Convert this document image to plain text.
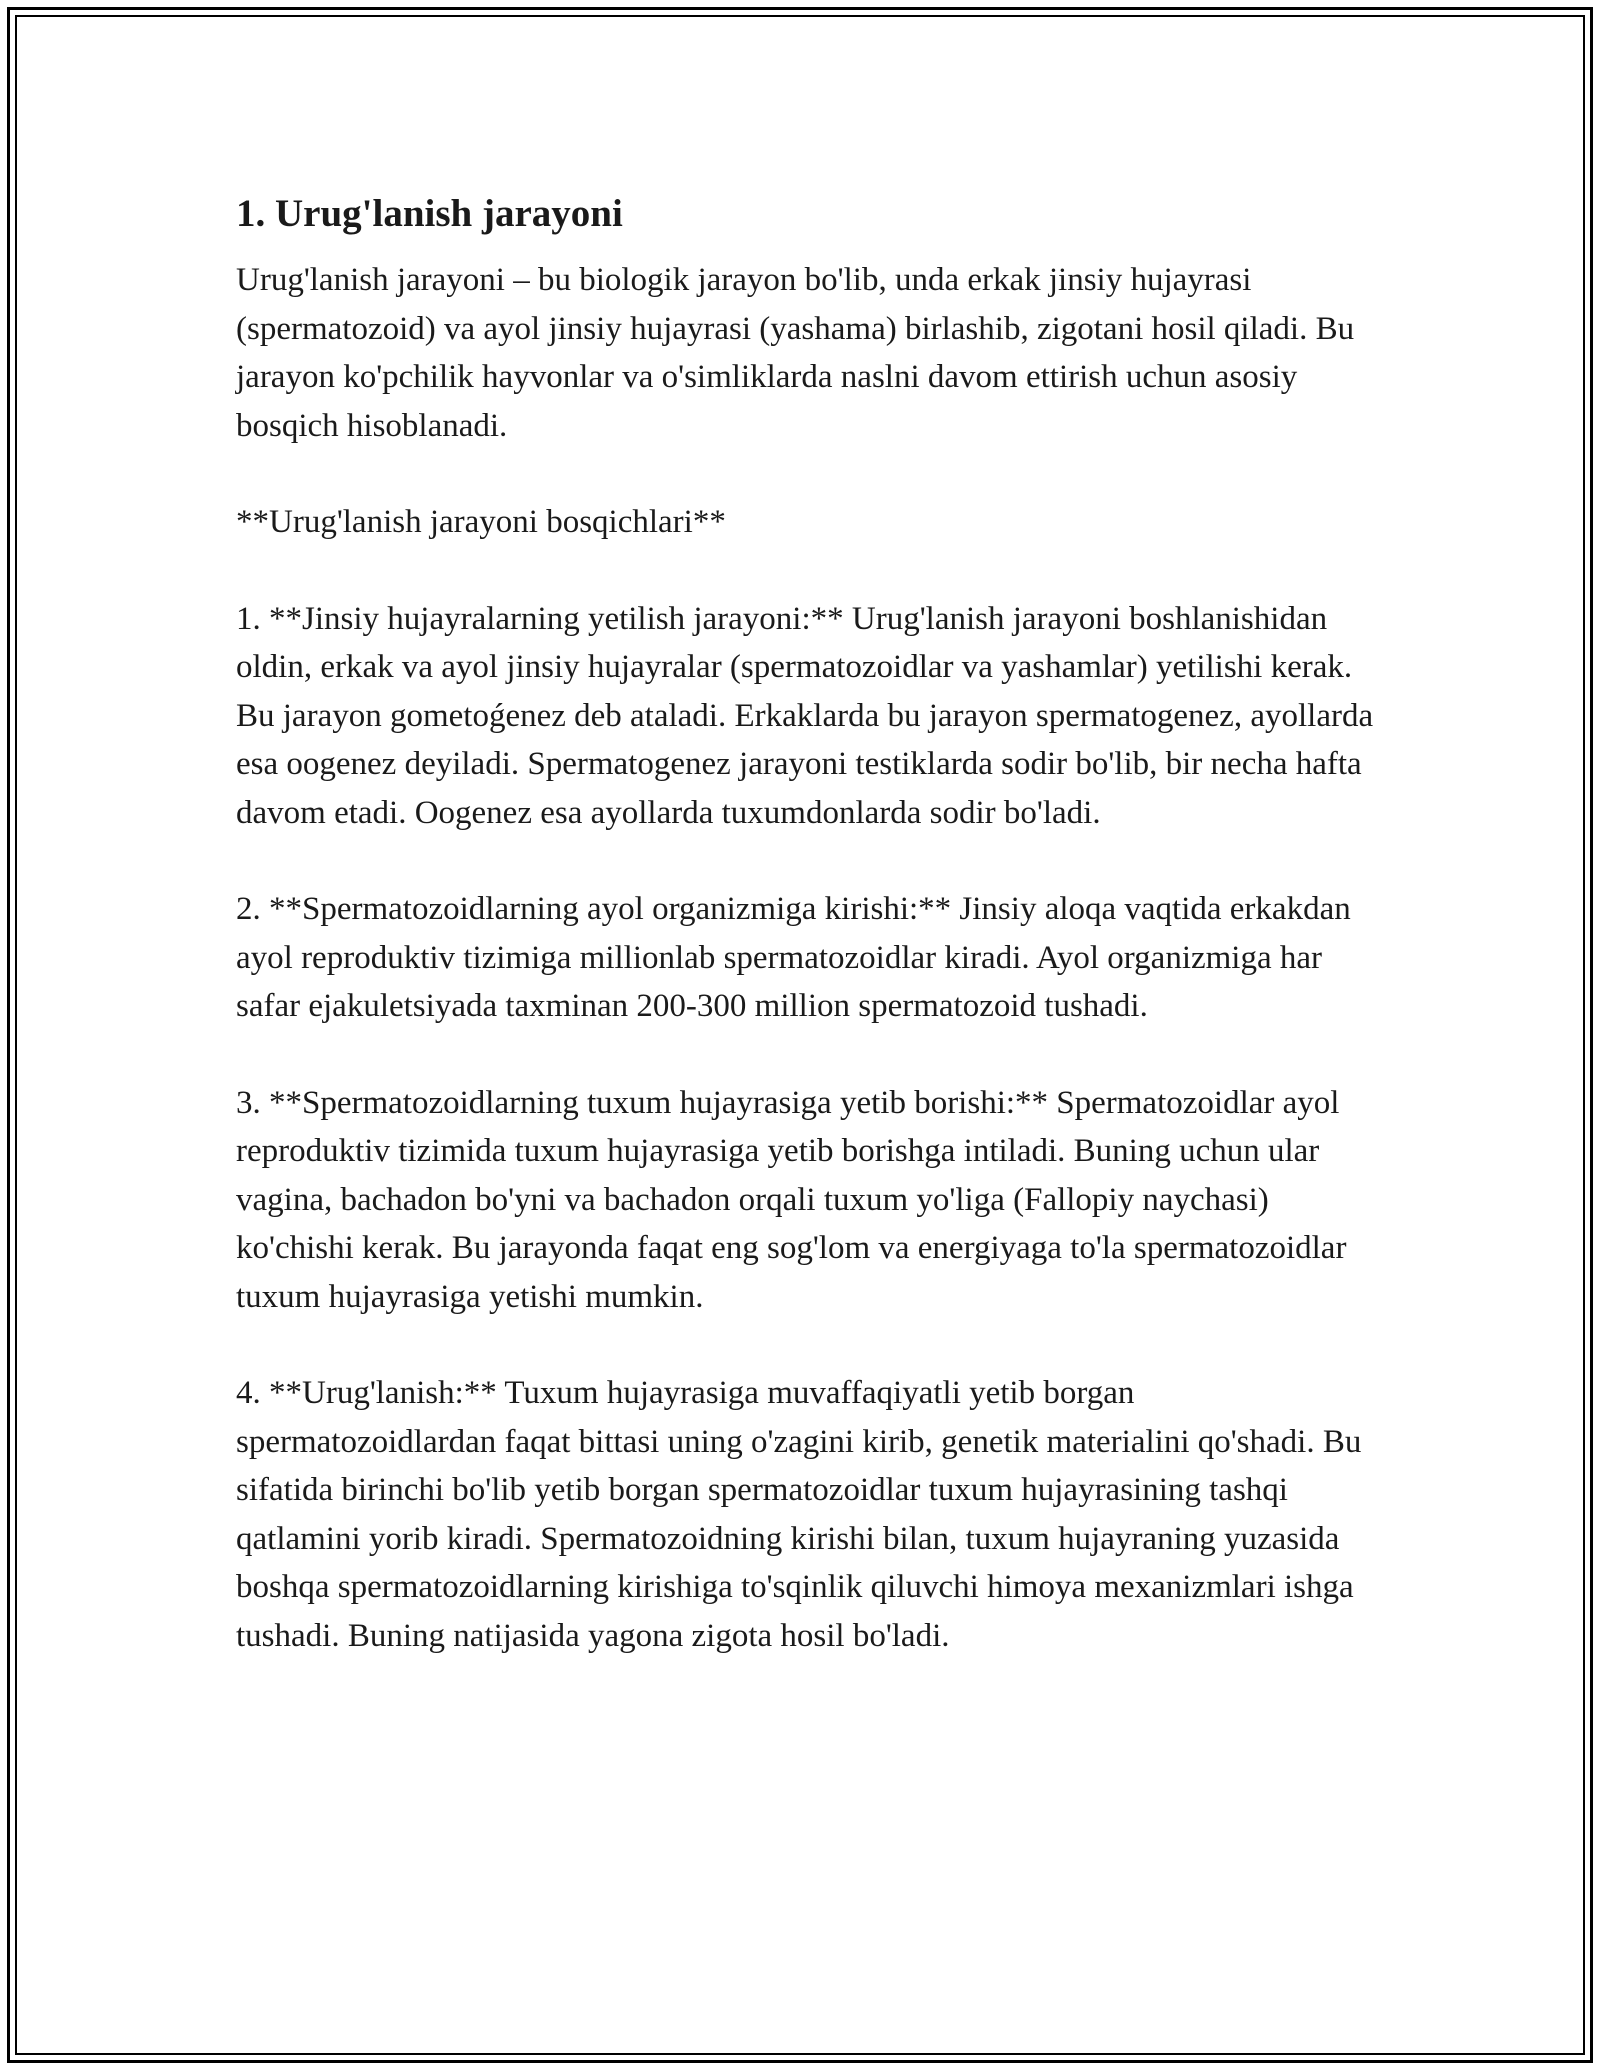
1. Urug'lanish jarayoni

Urug'lanish jarayoni – bu biologik jarayon bo'lib, unda erkak jinsiy hujayrasi (spermatozoid) va ayol jinsiy hujayrasi (yashama) birlashib, zigotani hosil qiladi. Bu jarayon ko'pchilik hayvonlar va o'simliklarda naslni davom ettirish uchun asosiy bosqich hisoblanadi.

**Urug'lanish jarayoni bosqichlari**

1. **Jinsiy hujayralarning yetilish jarayoni:** Urug'lanish jarayoni boshlanishidan oldin, erkak va ayol jinsiy hujayralar (spermatozoidlar va yashamlar) yetilishi kerak. Bu jarayon gometoǵenez deb ataladi. Erkaklarda bu jarayon spermatogenez, ayollarda esa oogenez deyiladi. Spermatogenez jarayoni testiklarda sodir bo'lib, bir necha hafta davom etadi. Oogenez esa ayollarda tuxumdonlarda sodir bo'ladi.

2. **Spermatozoidlarning ayol organizmiga kirishi:** Jinsiy aloqa vaqtida erkakdan ayol reproduktiv tizimiga millionlab spermatozoidlar kiradi. Ayol organizmiga har safar ejakuletsiyada taxminan 200-300 million spermatozoid tushadi.

3. **Spermatozoidlarning tuxum hujayrasiga yetib borishi:** Spermatozoidlar ayol reproduktiv tizimida tuxum hujayrasiga yetib borishga intiladi. Buning uchun ular vagina, bachadon bo'yni va bachadon orqali tuxum yo'liga (Fallopiy naychasi) ko'chishi kerak. Bu jarayonda faqat eng sog'lom va energiyaga to'la spermatozoidlar tuxum hujayrasiga yetishi mumkin.

4. **Urug'lanish:** Tuxum hujayrasiga muvaffaqiyatli yetib borgan spermatozoidlardan faqat bittasi uning o'zagini kirib, genetik materialini qo'shadi. Bu sifatida birinchi bo'lib yetib borgan spermatozoidlar tuxum hujayrasining tashqi qatlamini yorib kiradi. Spermatozoidning kirishi bilan, tuxum hujayraning yuzasida boshqa spermatozoidlarning kirishiga to'sqinlik qiluvchi himoya mexanizmlari ishga tushadi. Buning natijasida yagona zigota hosil bo'ladi.
